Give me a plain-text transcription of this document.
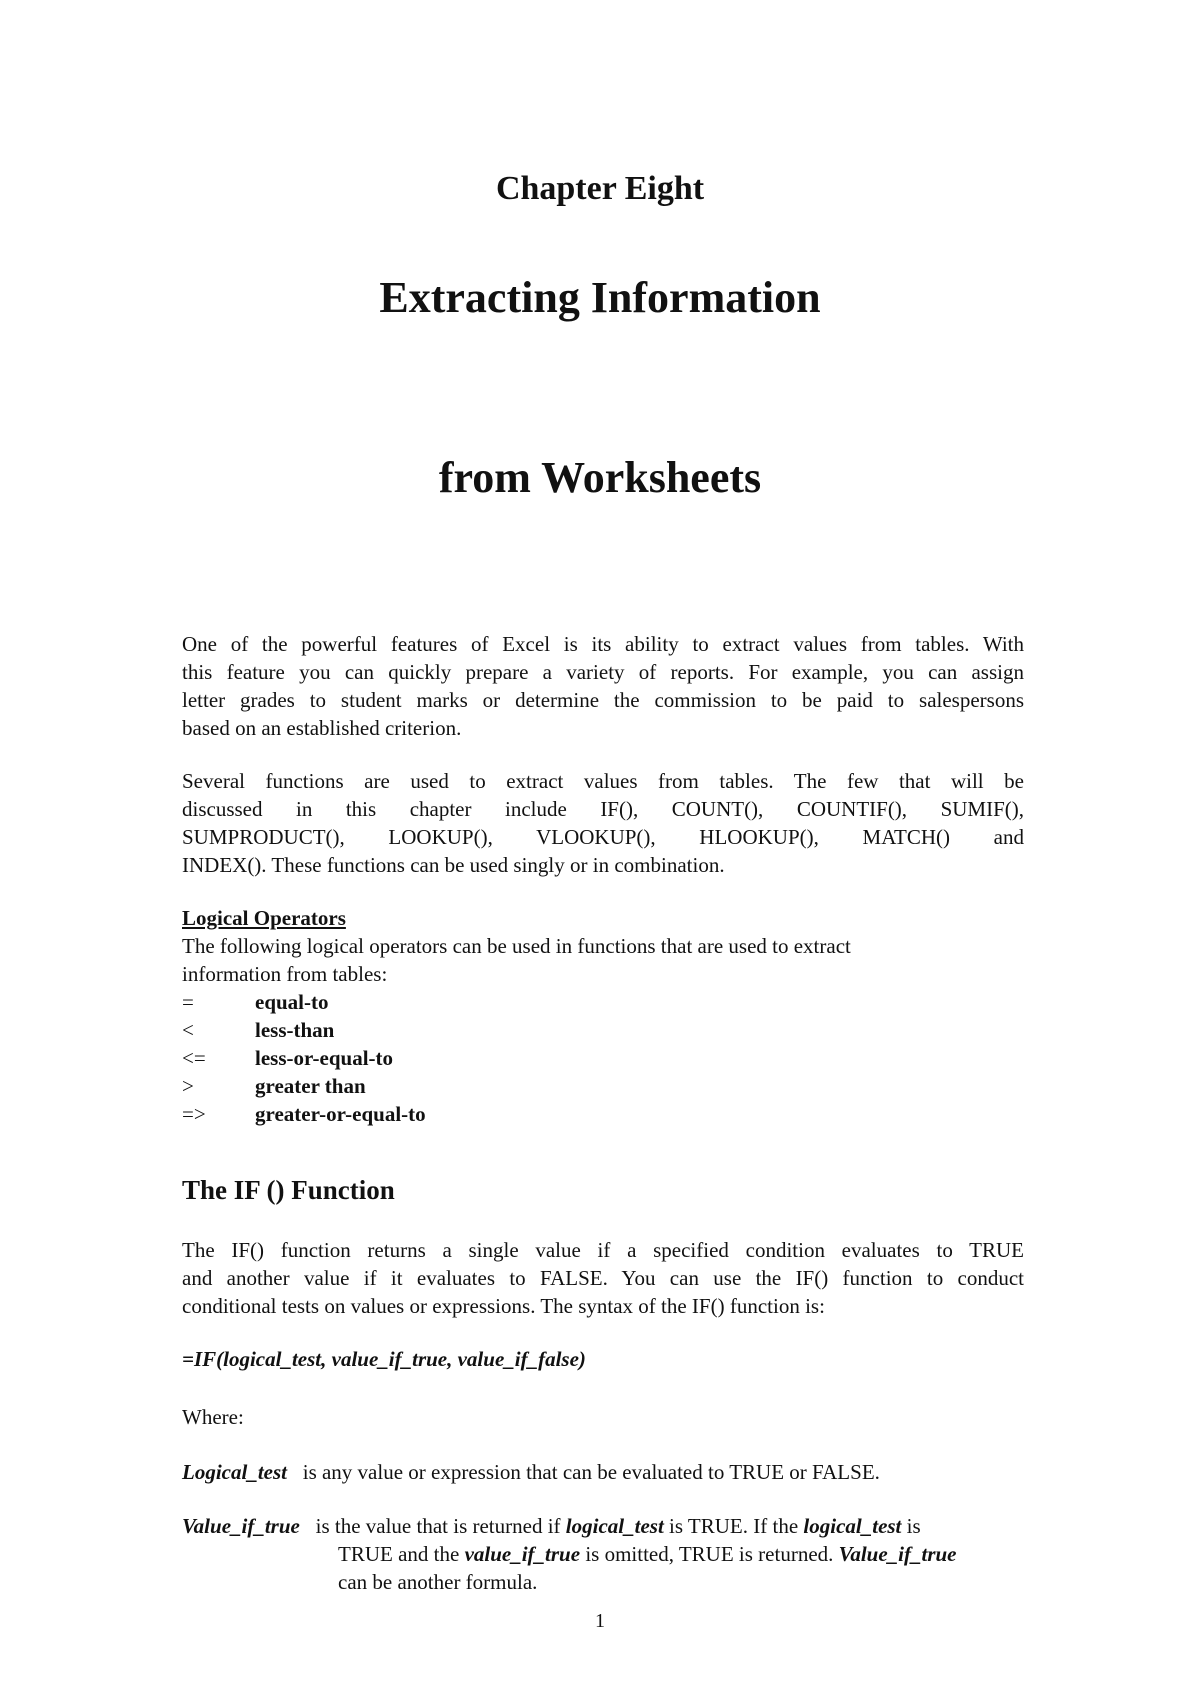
Chapter Eight
Extracting Information
from Worksheets
One of the powerful features of Excel is its ability to extract values from tables. With
this feature you can quickly prepare a variety of reports. For example, you can assign
letter grades to student marks or determine the commission to be paid to salespersons
based on an established criterion.
Several functions are used to extract values from tables. The few that will be
discussed in this chapter include IF(), COUNT(), COUNTIF(), SUMIF(),
SUMPRODUCT(), LOOKUP(), VLOOKUP(), HLOOKUP(), MATCH() and
INDEX(). These functions can be used singly or in combination.
Logical Operators
The following logical operators can be used in functions that are used to extract
information from tables:
=	equal-to
<	less-than
<= less-or-equal-to
>	greater than
=> greater-or-equal-to
The IF () Function
The IF() function returns a single value if a specified condition evaluates to TRUE
and another value if it evaluates to FALSE. You can use the IF() function to conduct
conditional tests on values or expressions. The syntax of the IF() function is:
=IF(logical_test, value_if_true, value_if_false)
Where:
Logical_test is any value or expression that can be evaluated to TRUE or FALSE.
Value_if_true is the value that is returned if logical_test is TRUE. If the logical_test is
TRUE and the value_if_true is omitted, TRUE is returned. Value_if_true
can be another formula.
1
